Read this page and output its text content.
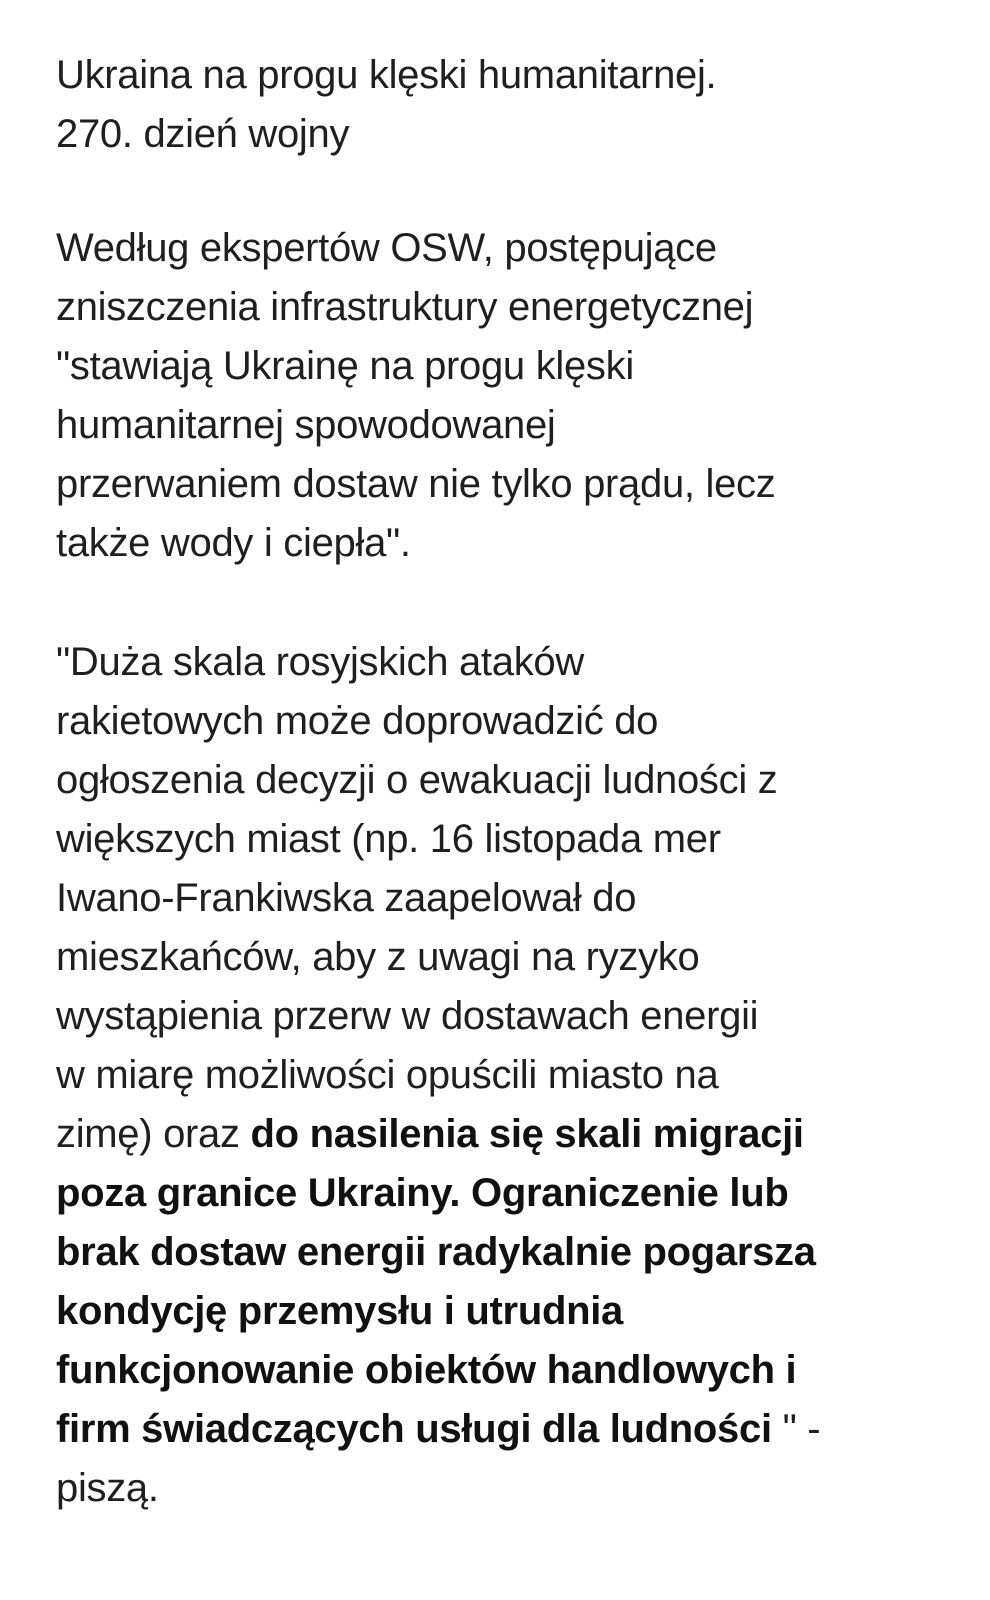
Ukraina na progu klęski humanitarnej.
270. dzień wojny

Według ekspertów OSW, postępujące
zniszczenia infrastruktury energetycznej
"stawiają Ukrainę na progu klęski
humanitarnej spowodowanej
przerwaniem dostaw nie tylko prądu, lecz
także wody i ciepła".

"Duża skala rosyjskich ataków
rakietowych może doprowadzić do
ogłoszenia decyzji o ewakuacji ludności z
większych miast (np. 16 listopada mer
Iwano-Frankiwska zaapelował do
mieszkańców, aby z uwagi na ryzyko
wystąpienia przerw w dostawach energii
w miarę możliwości opuścili miasto na
zimę) oraz do nasilenia się skali migracji
poza granice Ukrainy. Ograniczenie lub
brak dostaw energii radykalnie pogarsza
kondycję przemysłu i utrudnia
funkcjonowanie obiektów handlowych i
firm świadczących usługi dla ludności " -
piszą.
